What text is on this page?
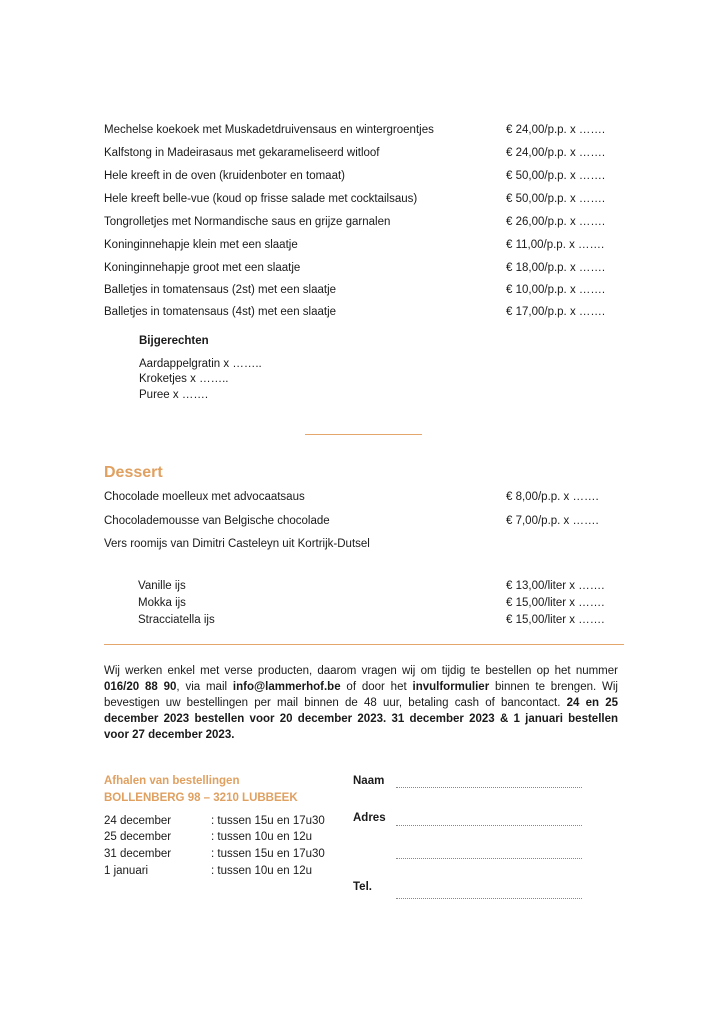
Mechelse koekoek met Muskadetdruivensaus en wintergroentjes	€ 24,00/p.p. x …….
Kalfstong in Madeirasaus met gekarameliseerd witloof	€ 24,00/p.p. x …….
Hele kreeft in de oven (kruidenboter en tomaat)	€ 50,00/p.p. x …….
Hele kreeft belle-vue (koud op frisse salade met cocktailsaus)	€ 50,00/p.p. x …….
Tongrolletjes met Normandische saus en grijze garnalen	€ 26,00/p.p. x …….
Koninginnehapje klein met een slaatje	€ 11,00/p.p. x …….
Koninginnehapje groot met een slaatje	€ 18,00/p.p. x …….
Balletjes in tomatensaus (2st) met een slaatje	€ 10,00/p.p. x …….
Balletjes in tomatensaus (4st) met een slaatje	€ 17,00/p.p. x …….
Bijgerechten
Aardappelgratin x ……..
Kroketjes x ……..
Puree x …….
Dessert
Chocolade moelleux met advocaatsaus	€ 8,00/p.p. x …….
Chocolademousse van Belgische chocolade	€ 7,00/p.p. x …….
Vers roomijs van Dimitri Casteleyn uit Kortrijk-Dutsel
Vanille ijs	€ 13,00/liter x …….
Mokka ijs	€ 15,00/liter x …….
Stracciatella ijs	€ 15,00/liter x …….
Wij werken enkel met verse producten, daarom vragen wij om tijdig te bestellen op het nummer 016/20 88 90, via mail info@lammerhof.be of door het invulformulier binnen te brengen. Wij bevestigen uw bestellingen per mail binnen de 48 uur, betaling cash of bancontact. 24 en 25 december 2023 bestellen voor 20 december 2023. 31 december 2023 & 1 januari bestellen voor 27 december 2023.
Afhalen van bestellingen
BOLLENBERG 98 – 3210 LUBBEEK
24 december	: tussen 15u en 17u30
25 december	: tussen 10u en 12u
31 december	: tussen 15u en 17u30
1 januari	: tussen 10u en 12u
Naam
Adres
Tel.
